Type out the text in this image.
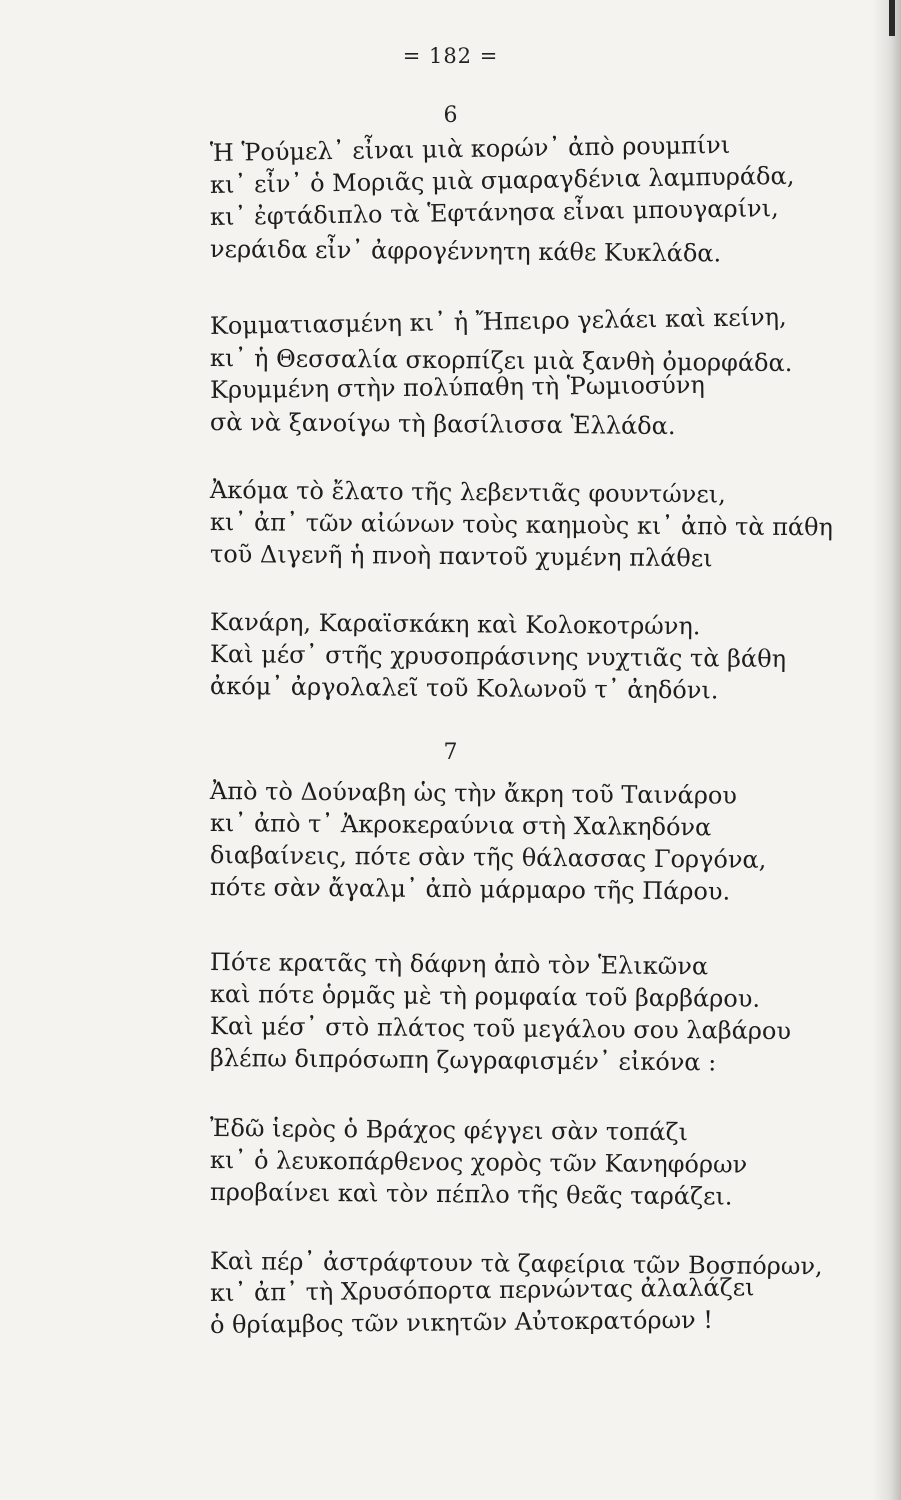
= 182 =
6
Ἡ Ῥούμελ᾽ εἶναι μιὰ κορών᾽ ἀπὸ ρουμπίνι
κι᾽ εἶν᾽ ὁ Μοριᾶς μιὰ σμαραγδένια λαμπυράδα,
κι᾽ ἐφτάδιπλο τὰ Ἑφτάνησα εἶναι μπουγαρίνι,
νεράιδα εἶν᾽ ἀφρογέννητη κάθε Κυκλάδα.
Κομματιασμένη κι᾽ ἡ Ἤπειρο γελάει καὶ κείνη,
κι᾽ ἡ Θεσσαλία σκορπίζει μιὰ ξανθὴ ὀμορφάδα.
Κρυμμένη στὴν πολύπαθη τὴ Ῥωμιοσύνη
σὰ νὰ ξανοίγω τὴ βασίλισσα Ἑλλάδα.
Ἀκόμα τὸ ἔλατο τῆς λεβεντιᾶς φουντώνει,
κι᾽ ἀπ᾽ τῶν αἰώνων τοὺς καημοὺς κι᾽ ἀπὸ τὰ πάθη
τοῦ Διγενῆ ἡ πνοὴ παντοῦ χυμένη πλάθει
Κανάρη, Καραϊσκάκη καὶ Κολοκοτρώνη.
Καὶ μέσ᾽ στῆς χρυσοπράσινης νυχτιᾶς τὰ βάθη
ἀκόμ᾽ ἀργολαλεῖ τοῦ Κολωνοῦ τ᾽ ἀηδόνι.
7
Ἀπὸ τὸ Δούναβη ὡς τὴν ἄκρη τοῦ Ταινάρου
κι᾽ ἀπὸ τ᾽ Ἀκροκεραύνια στὴ Χαλκηδόνα
διαβαίνεις, πότε σὰν τῆς θάλασσας Γοργόνα,
πότε σὰν ἄγαλμ᾽ ἀπὸ μάρμαρο τῆς Πάρου.
Πότε κρατᾶς τὴ δάφνη ἀπὸ τὸν Ἑλικῶνα
καὶ πότε ὁρμᾶς μὲ τὴ ρομφαία τοῦ βαρβάρου.
Καὶ μέσ᾽ στὸ πλάτος τοῦ μεγάλου σου λαβάρου
βλέπω διπρόσωπη ζωγραφισμέν᾽ εἰκόνα :
Ἐδῶ ἱερὸς ὁ Βράχος φέγγει σὰν τοπάζι
κι᾽ ὁ λευκοπάρθενος χορὸς τῶν Κανηφόρων
προβαίνει καὶ τὸν πέπλο τῆς θεᾶς ταράζει.
Καὶ πέρ᾽ ἀστράφτουν τὰ ζαφείρια τῶν Βοσπόρων,
κι᾽ ἀπ᾽ τὴ Χρυσόπορτα περνώντας ἀλαλάζει
ὁ θρίαμβος τῶν νικητῶν Αὐτοκρατόρων !
